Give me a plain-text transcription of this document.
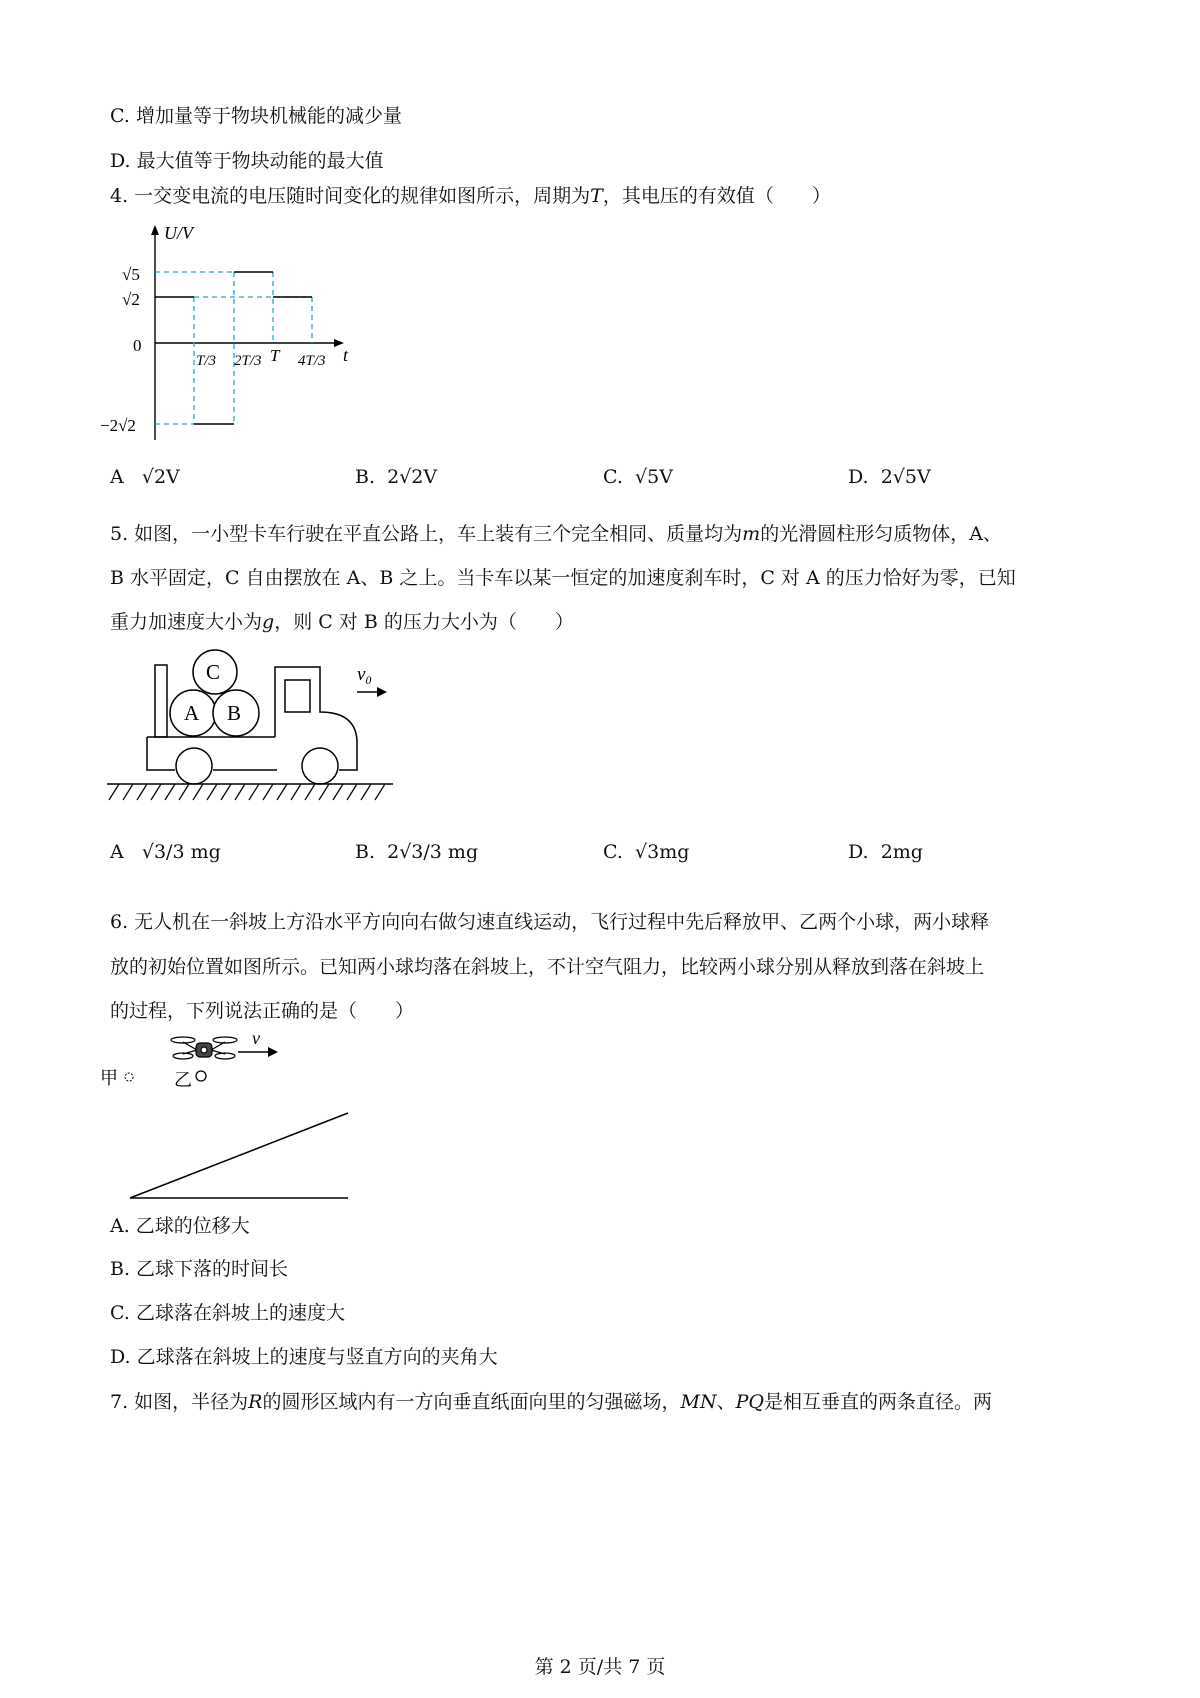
C. 增加量等于物块机械能的减少量
D. 最大值等于物块动能的最大值
4. 一交变电流的电压随时间变化的规律如图所示，周期为T，其电压的有效值（　　）
U/V
t
√5
√2
0
−2√2
T/3 2T/3 T 4T/3
A √2V	B. 2√2V	C. √5V	D. 2√5V
5. 如图，一小型卡车行驶在平直公路上，车上装有三个完全相同、质量均为m的光滑圆柱形匀质物体，A、
B 水平固定，C 自由摆放在 A、B 之上。当卡车以某一恒定的加速度刹车时，C 对 A 的压力恰好为零，已知
重力加速度大小为g，则 C 对 B 的压力大小为（　　）
A B
C	v₀
A √3/3 mg	B. 2√3/3 mg	C. √3mg	D. 2mg
6. 无人机在一斜坡上方沿水平方向向右做匀速直线运动，飞行过程中先后释放甲、乙两个小球，两小球释
放的初始位置如图所示。已知两小球均落在斜坡上，不计空气阻力，比较两小球分别从释放到落在斜坡上
的过程，下列说法正确的是（　　）
v
甲	乙
A. 乙球的位移大
B. 乙球下落的时间长
C. 乙球落在斜坡上的速度大
D. 乙球落在斜坡上的速度与竖直方向的夹角大
7. 如图，半径为R的圆形区域内有一方向垂直纸面向里的匀强磁场，MN、PQ是相互垂直的两条直径。两
第 2 页/共 7 页
